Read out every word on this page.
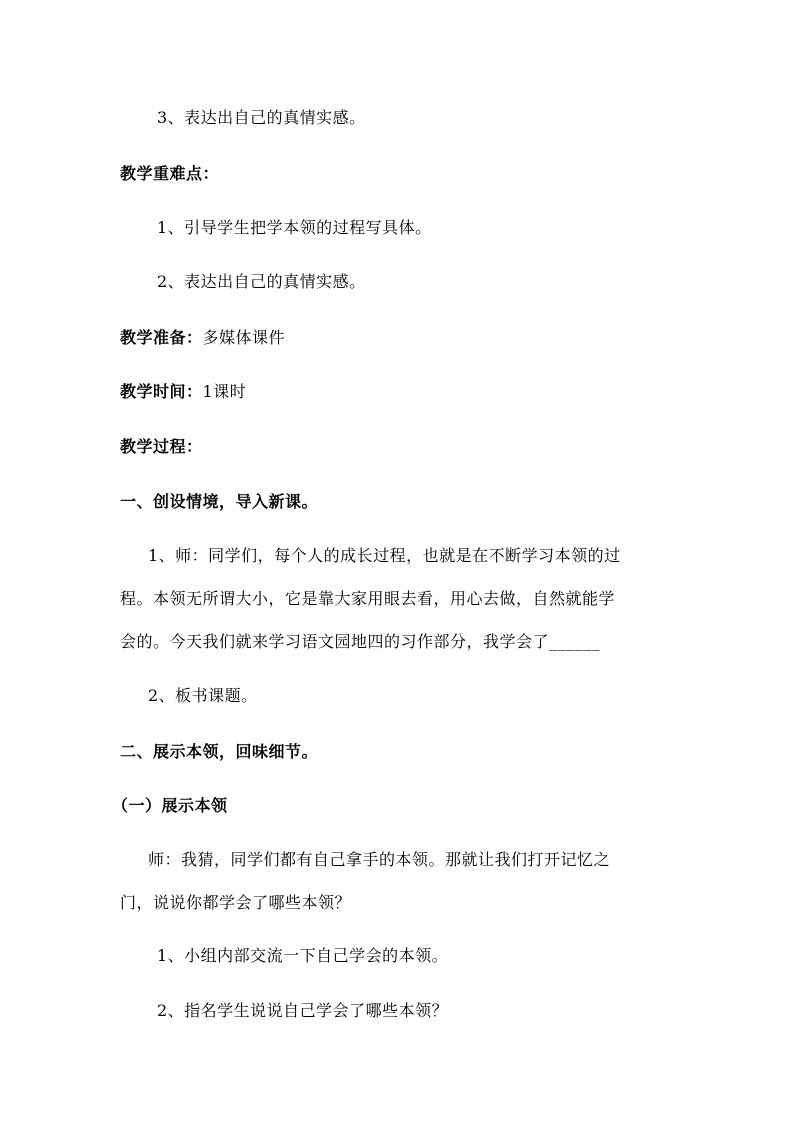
3、表达出自己的真情实感。
教学重难点：
1、引导学生把学本领的过程写具体。
2、表达出自己的真情实感。
教学准备：多媒体课件
教学时间：1课时
教学过程：
一、创设情境，导入新课。
1、师：同学们，每个人的成长过程，也就是在不断学习本领的过
程。本领无所谓大小，它是靠大家用眼去看，用心去做，自然就能学
会的。今天我们就来学习语文园地四的习作部分，我学会了______
2、板书课题。
二、展示本领，回味细节。
（一）展示本领
师：我猜，同学们都有自己拿手的本领。那就让我们打开记忆之
门，说说你都学会了哪些本领？
1、小组内部交流一下自己学会的本领。
2、指名学生说说自己学会了哪些本领？
